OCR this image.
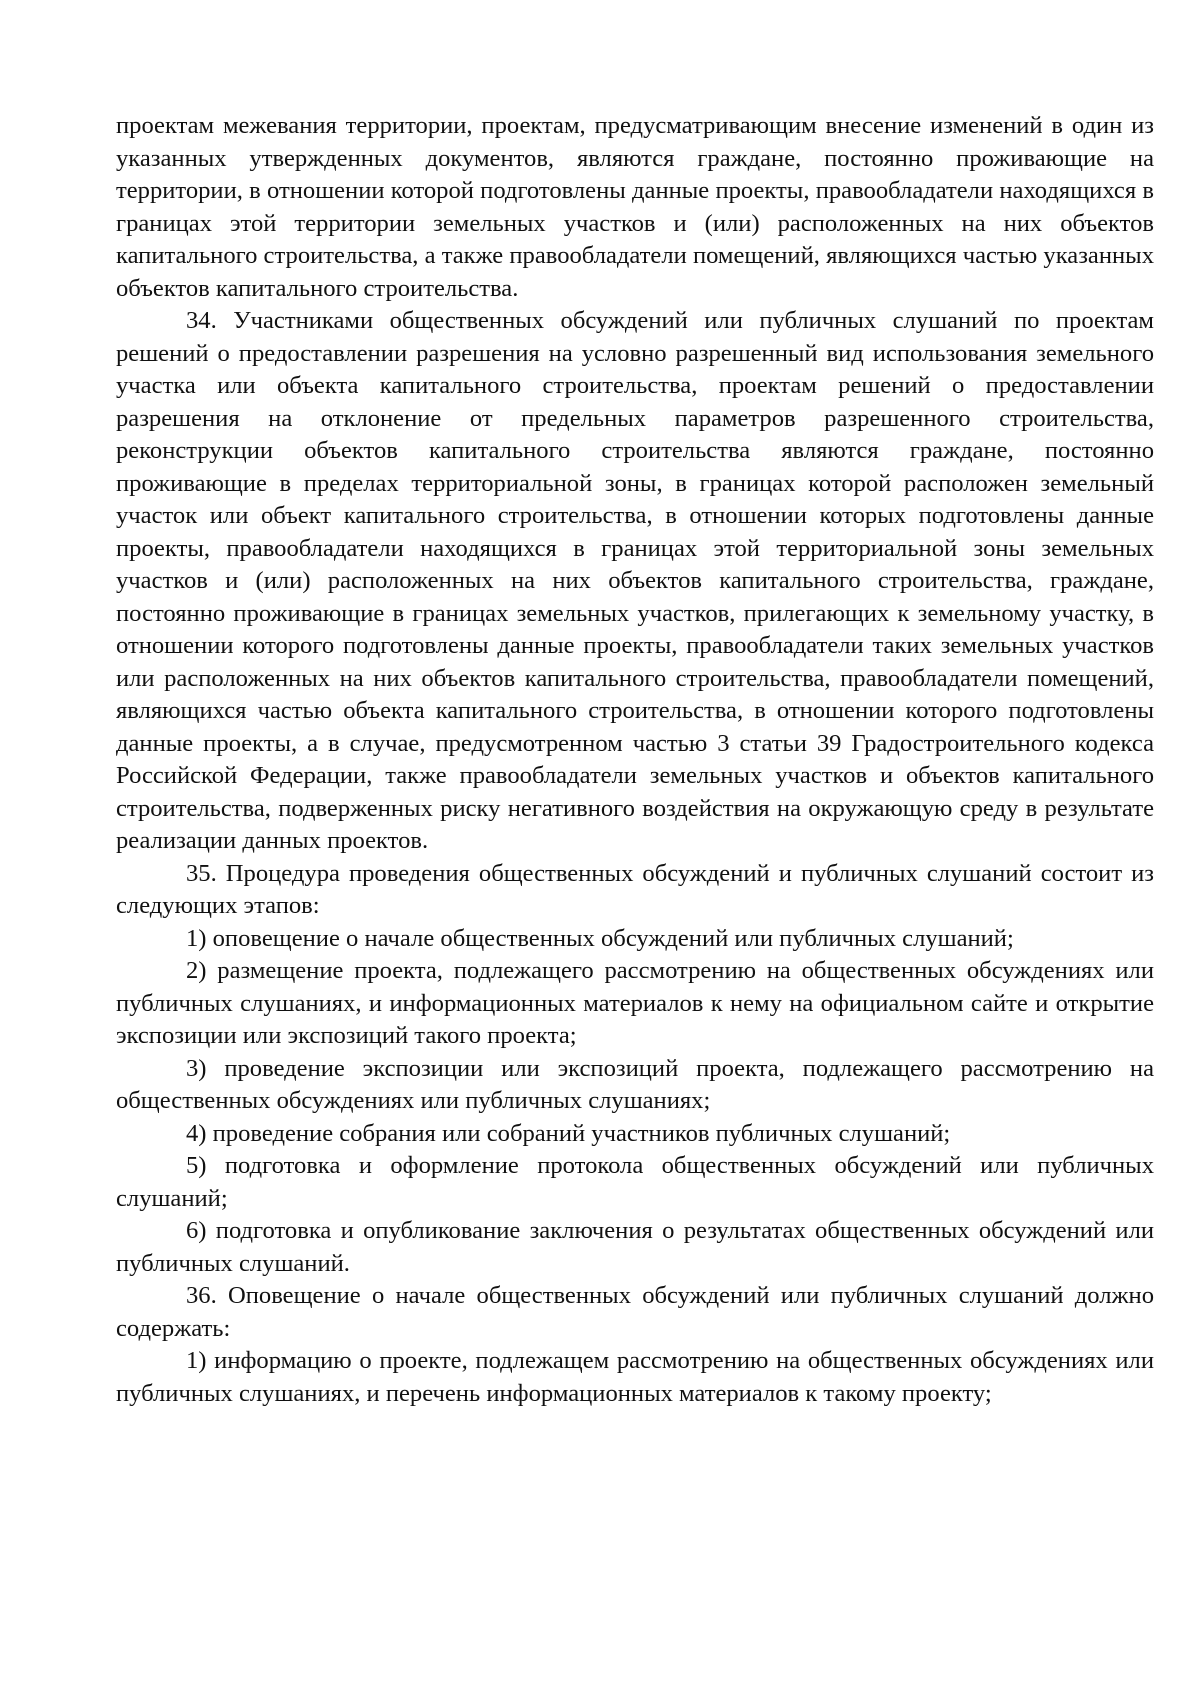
проектам межевания территории, проектам, предусматривающим внесение изменений в один из указанных утвержденных документов, являются граждане, постоянно проживающие на территории, в отношении которой подготовлены данные проекты, правообладатели находящихся в границах этой территории земельных участков и (или) расположенных на них объектов капитального строительства, а также правообладатели помещений, являющихся частью указанных объектов капитального строительства.

34. Участниками общественных обсуждений или публичных слушаний по проектам решений о предоставлении разрешения на условно разрешенный вид использования земельного участка или объекта капитального строительства, проектам решений о предоставлении разрешения на отклонение от предельных параметров разрешенного строительства, реконструкции объектов капитального строительства являются граждане, постоянно проживающие в пределах территориальной зоны, в границах которой расположен земельный участок или объект капитального строительства, в отношении которых подготовлены данные проекты, правообладатели находящихся в границах этой территориальной зоны земельных участков и (или) расположенных на них объектов капитального строительства, граждане, постоянно проживающие в границах земельных участков, прилегающих к земельному участку, в отношении которого подготовлены данные проекты, правообладатели таких земельных участков или расположенных на них объектов капитального строительства, правообладатели помещений, являющихся частью объекта капитального строительства, в отношении которого подготовлены данные проекты, а в случае, предусмотренном частью 3 статьи 39 Градостроительного кодекса Российской Федерации, также правообладатели земельных участков и объектов капитального строительства, подверженных риску негативного воздействия на окружающую среду в результате реализации данных проектов.

35. Процедура проведения общественных обсуждений и публичных слушаний состоит из следующих этапов:

1) оповещение о начале общественных обсуждений или публичных слушаний;

2) размещение проекта, подлежащего рассмотрению на общественных обсуждениях или публичных слушаниях, и информационных материалов к нему на официальном сайте и открытие экспозиции или экспозиций такого проекта;

3) проведение экспозиции или экспозиций проекта, подлежащего рассмотрению на общественных обсуждениях или публичных слушаниях;

4) проведение собрания или собраний участников публичных слушаний;

5) подготовка и оформление протокола общественных обсуждений или публичных слушаний;

6) подготовка и опубликование заключения о результатах общественных обсуждений или публичных слушаний.

36. Оповещение о начале общественных обсуждений или публичных слушаний должно содержать:

1) информацию о проекте, подлежащем рассмотрению на общественных обсуждениях или публичных слушаниях, и перечень информационных материалов к такому проекту;
